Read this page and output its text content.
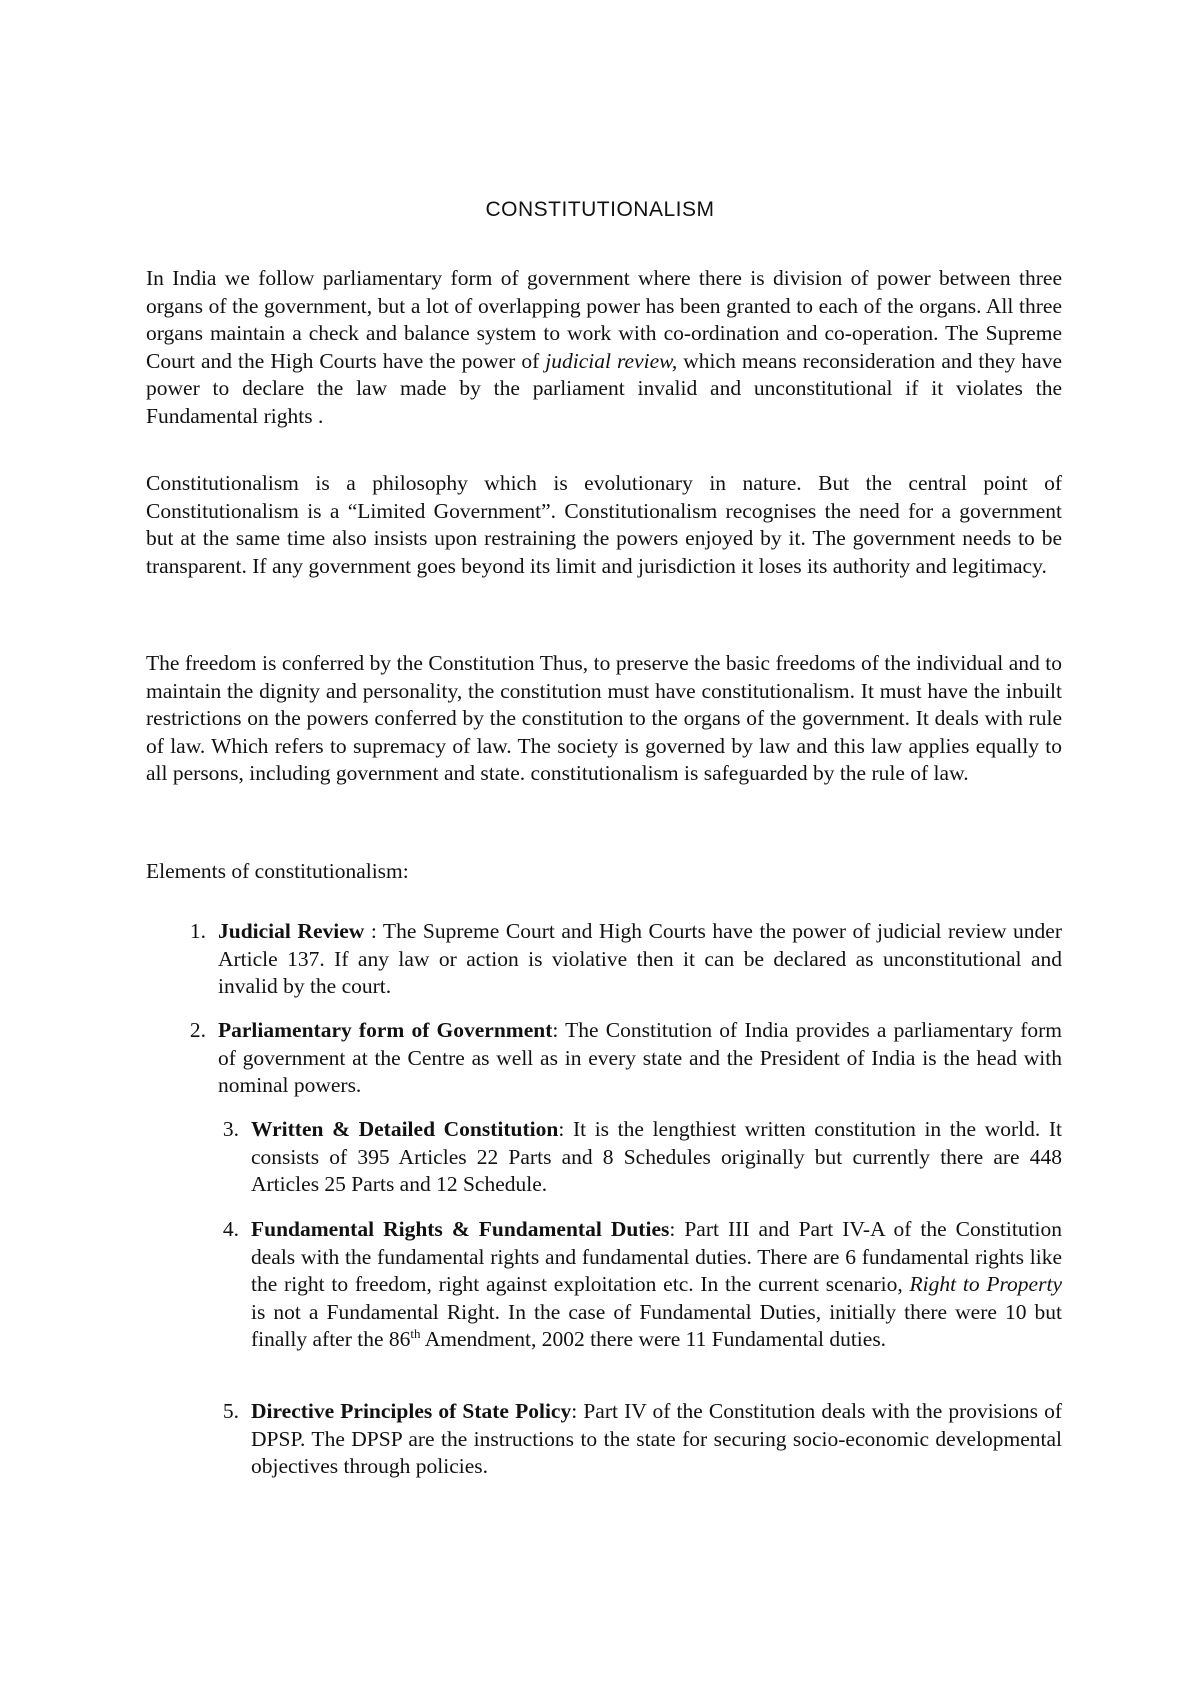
CONSTITUTIONALISM

In India we follow parliamentary form of government where there is division of power between three organs of the government, but a lot of overlapping power has been granted to each of the organs. All three organs maintain a check and balance system to work with co-ordination and co-operation. The Supreme Court and the High Courts have the power of judicial review, which means reconsideration and they have power to declare the law made by the parliament invalid and unconstitutional if it violates the Fundamental rights .

Constitutionalism is a philosophy which is evolutionary in nature. But the central point of Constitutionalism is a “Limited Government”. Constitutionalism recognises the need for a government but at the same time also insists upon restraining the powers enjoyed by it. The government needs to be transparent. If any government goes beyond its limit and jurisdiction it loses its authority and legitimacy.

The freedom is conferred by the Constitution Thus, to preserve the basic freedoms of the individual and to maintain the dignity and personality, the constitution must have constitutionalism. It must have the inbuilt restrictions on the powers conferred by the constitution to the organs of the government. It deals with rule of law. Which refers to supremacy of law. The society is governed by law and this law applies equally to all persons, including government and state. constitutionalism is safeguarded by the rule of law.

Elements of constitutionalism:

1. Judicial Review : The Supreme Court and High Courts have the power of judicial review under Article 137. If any law or action is violative then it can be declared as unconstitutional and invalid by the court.
2. Parliamentary form of Government: The Constitution of India provides a parliamentary form of government at the Centre as well as in every state and the President of India is the head with nominal powers.
3. Written & Detailed Constitution: It is the lengthiest written constitution in the world. It consists of 395 Articles 22 Parts and 8 Schedules originally but currently there are 448 Articles 25 Parts and 12 Schedule.
4. Fundamental Rights & Fundamental Duties: Part III and Part IV-A of the Constitution deals with the fundamental rights and fundamental duties. There are 6 fundamental rights like the right to freedom, right against exploitation etc. In the current scenario, Right to Property is not a Fundamental Right. In the case of Fundamental Duties, initially there were 10 but finally after the 86th Amendment, 2002 there were 11 Fundamental duties.
5. Directive Principles of State Policy: Part IV of the Constitution deals with the provisions of DPSP. The DPSP are the instructions to the state for securing socio-economic developmental objectives through policies.
